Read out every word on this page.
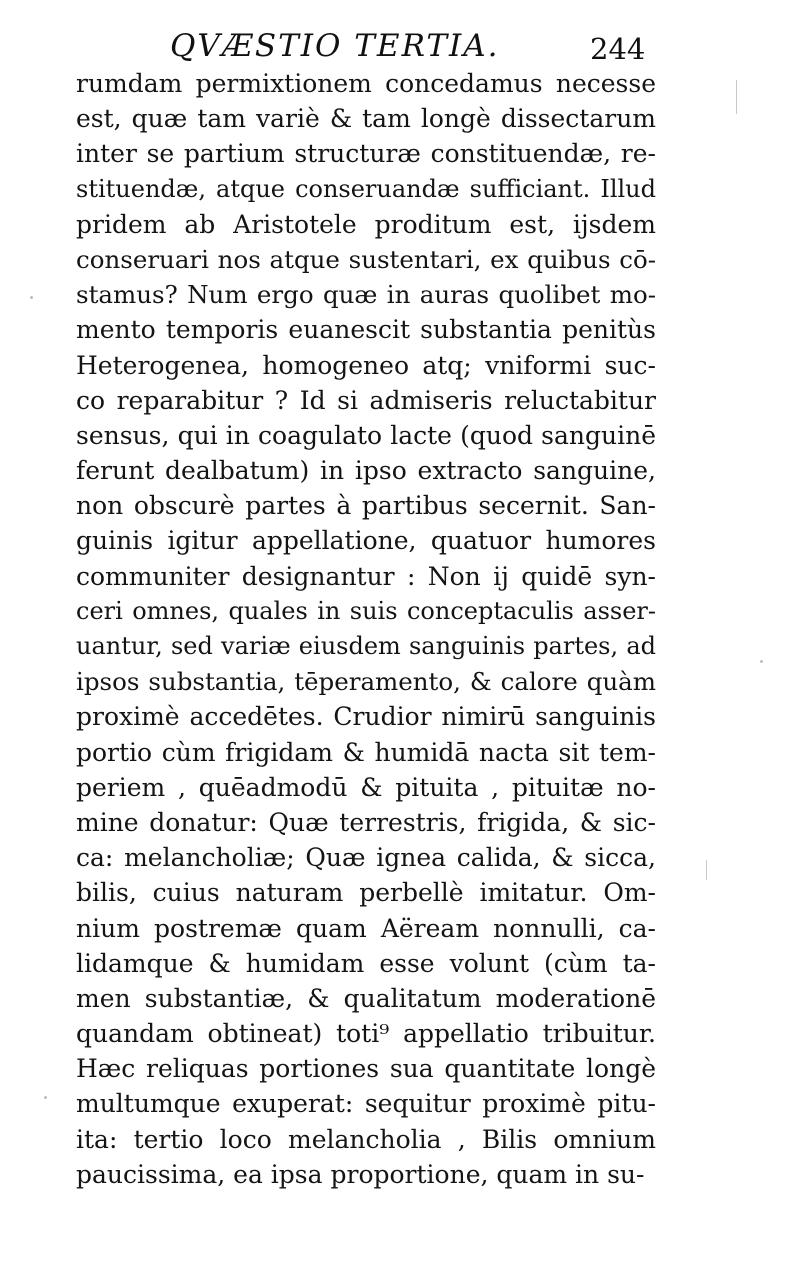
QVÆSTIO TERTIA.	244
rumdam permixtionem concedamus necesse
est, quæ tam variè & tam longè dissectarum
inter se partium structuræ constituendæ, re-
stituendæ, atque conseruandæ sufficiant. Illud
pridem ab Aristotele proditum est, ijsdem
conseruari nos atque sustentari, ex quibus cō-
stamus? Num ergo quæ in auras quolibet mo-
mento temporis euanescit substantia penitùs
Heterogenea, homogeneo atq; vniformi suc-
co reparabitur ? Id si admiseris reluctabitur
sensus, qui in coagulato lacte (quod sanguinē
ferunt dealbatum) in ipso extracto sanguine,
non obscurè partes à partibus secernit. San-
guinis igitur appellatione, quatuor humores
communiter designantur : Non ij quidē syn-
ceri omnes, quales in suis conceptaculis asser-
uantur, sed variæ eiusdem sanguinis partes, ad
ipsos substantia, tēperamento, & calore quàm
proximè accedētes. Crudior nimirū sanguinis
portio cùm frigidam & humidā nacta sit tem-
periem , quēadmodū & pituita , pituitæ no-
mine donatur: Quæ terrestris, frigida, & sic-
ca: melancholiæ; Quæ ignea calida, & sicca,
bilis, cuius naturam perbellè imitatur. Om-
nium postremæ quam Aëream nonnulli, ca-
lidamque & humidam esse volunt (cùm ta-
men substantiæ, & qualitatum moderationē
quandam obtineat) toti⁹ appellatio tribuitur.
Hæc reliquas portiones sua quantitate longè
multumque exuperat: sequitur proximè pitu-
ita: tertio loco melancholia , Bilis omnium
paucissima, ea ipsa proportione, quam in su-
